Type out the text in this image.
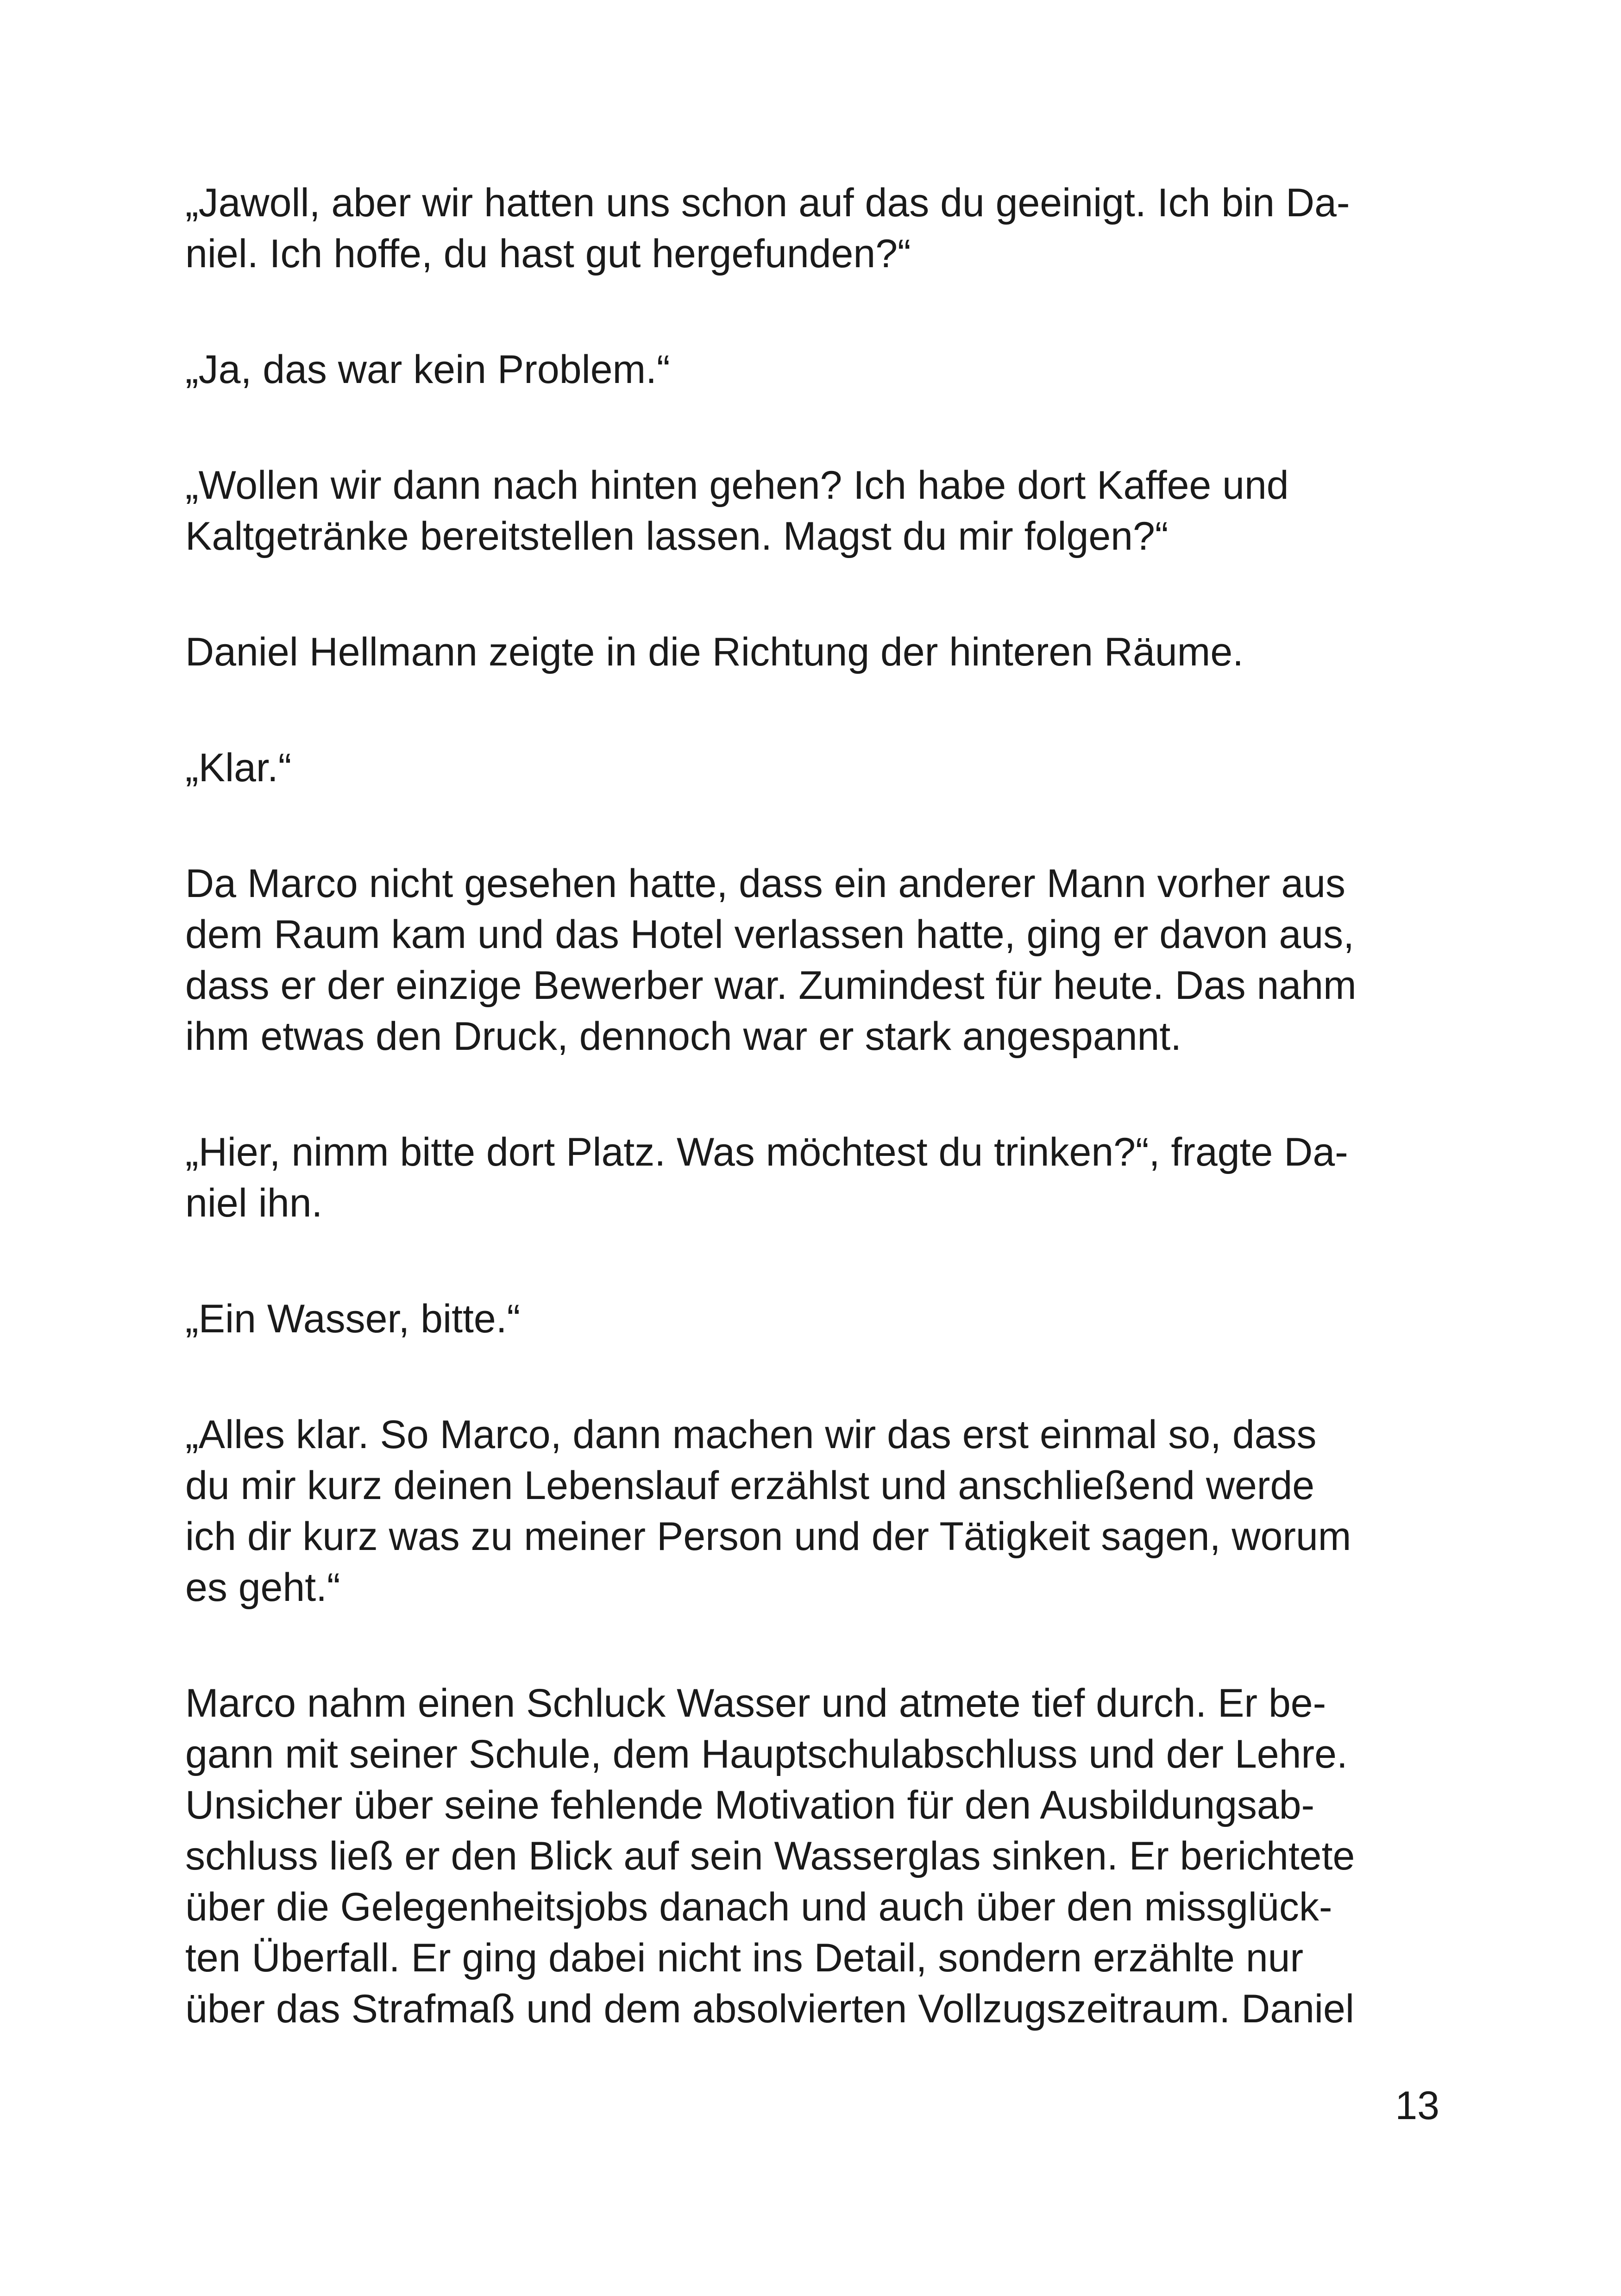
„Jawoll, aber wir hatten uns schon auf das du geeinigt. Ich bin Da-
niel. Ich hoffe, du hast gut hergefunden?“
„Ja, das war kein Problem.“
„Wollen wir dann nach hinten gehen? Ich habe dort Kaffee und
Kaltgetränke bereitstellen lassen. Magst du mir folgen?“
Daniel Hellmann zeigte in die Richtung der hinteren Räume.
„Klar.“
Da Marco nicht gesehen hatte, dass ein anderer Mann vorher aus
dem Raum kam und das Hotel verlassen hatte, ging er davon aus,
dass er der einzige Bewerber war. Zumindest für heute. Das nahm
ihm etwas den Druck, dennoch war er stark angespannt.
„Hier, nimm bitte dort Platz. Was möchtest du trinken?“, fragte Da-
niel ihn.
„Ein Wasser, bitte.“
„Alles klar. So Marco, dann machen wir das erst einmal so, dass
du mir kurz deinen Lebenslauf erzählst und anschließend werde
ich dir kurz was zu meiner Person und der Tätigkeit sagen, worum
es geht.“
Marco nahm einen Schluck Wasser und atmete tief durch. Er be-
gann mit seiner Schule, dem Hauptschulabschluss und der Lehre.
Unsicher über seine fehlende Motivation für den Ausbildungsab-
schluss ließ er den Blick auf sein Wasserglas sinken. Er berichtete
über die Gelegenheitsjobs danach und auch über den missglück-
ten Überfall. Er ging dabei nicht ins Detail, sondern erzählte nur
über das Strafmaß und dem absolvierten Vollzugszeitraum. Daniel
13
